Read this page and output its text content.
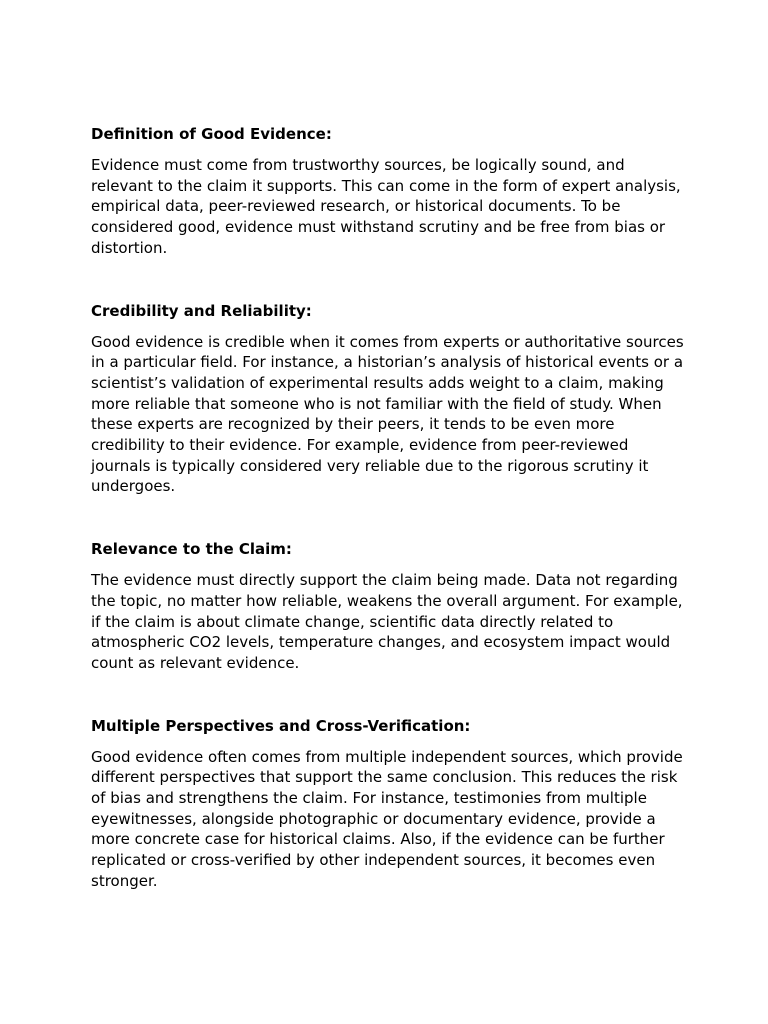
Definition of Good Evidence:

Evidence must come from trustworthy sources, be logically sound, and relevant to the claim it supports. This can come in the form of expert analysis, empirical data, peer-reviewed research, or historical documents. To be considered good, evidence must withstand scrutiny and be free from bias or distortion.

Credibility and Reliability:

Good evidence is credible when it comes from experts or authoritative sources in a particular field. For instance, a historian’s analysis of historical events or a scientist’s validation of experimental results adds weight to a claim, making more reliable that someone who is not familiar with the field of study. When these experts are recognized by their peers, it tends to be even more credibility to their evidence. For example, evidence from peer-reviewed journals is typically considered very reliable due to the rigorous scrutiny it undergoes.

Relevance to the Claim:

The evidence must directly support the claim being made. Data not regarding the topic, no matter how reliable, weakens the overall argument. For example, if the claim is about climate change, scientific data directly related to atmospheric CO2 levels, temperature changes, and ecosystem impact would count as relevant evidence.

Multiple Perspectives and Cross-Verification:

Good evidence often comes from multiple independent sources, which provide different perspectives that support the same conclusion. This reduces the risk of bias and strengthens the claim. For instance, testimonies from multiple eyewitnesses, alongside photographic or documentary evidence, provide a more concrete case for historical claims. Also, if the evidence can be further replicated or cross-verified by other independent sources, it becomes even stronger.
